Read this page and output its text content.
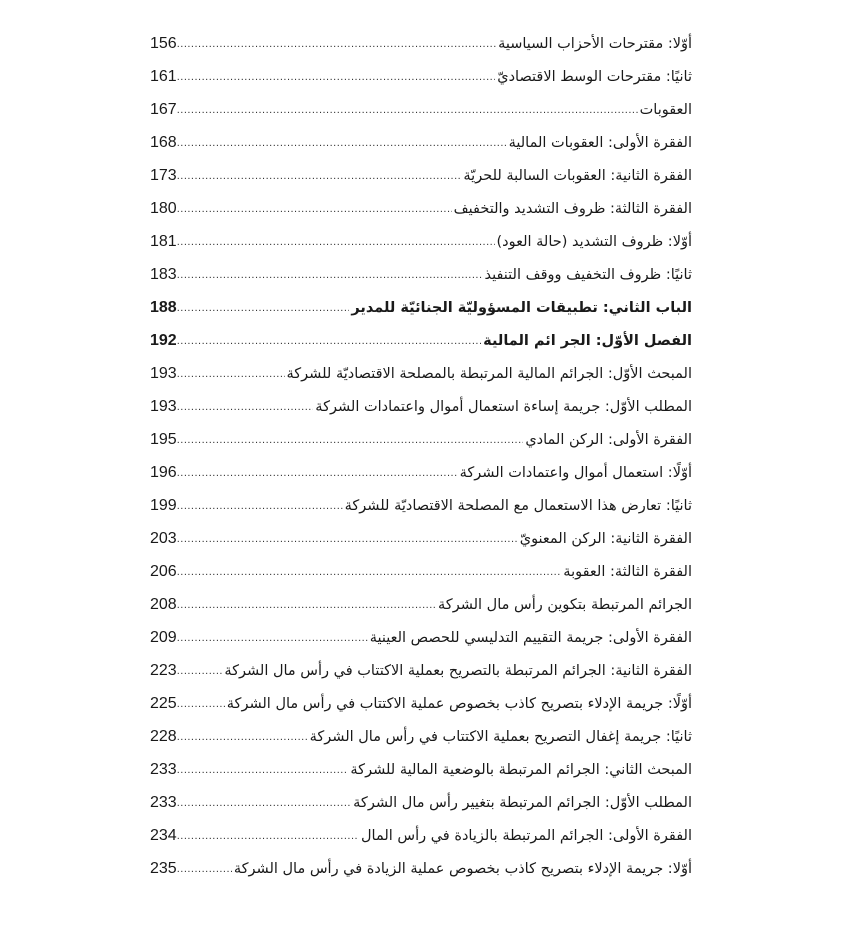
156 .....	أوّلا: مقترحات الأحزاب السياسية
161 .....	ثانيًا: مقترحات الوسط الاقتصاديّ
167 .....	العقوبات
168 .....	الفقرة الأولى: العقوبات المالية
173 .....	الفقرة الثانية: العقوبات السالبة للحريّة
180 .....	الفقرة الثالثة: ظروف التشديد والتخفيف
181 .....	أوّلا: ظروف التشديد (حالة العود)
183 .....	ثانيًا: ظروف التخفيف ووقف التنفيذ
188 .....	الباب الثاني: تطبيقات المسؤوليّة الجنائيّة للمدير
192 .....	الفصل الأوّل: الجر ائم المالية
193 .....	المبحث الأوّل: الجرائم المالية المرتبطة بالمصلحة الاقتصاديّة للشركة
193 .....	المطلب الأوّل: جريمة إساءة استعمال أموال واعتمادات الشركة
195 .....	الفقرة الأولى: الركن المادي
196 .....	أوّلًا: استعمال أموال واعتمادات الشركة
199 .....	ثانيًا: تعارض هذا الاستعمال مع المصلحة الاقتصاديّة للشركة
203 .....	الفقرة الثانية: الركن المعنويّ
206 .....	الفقرة الثالثة: العقوبة
208 .....	الجرائم المرتبطة بتكوين رأس مال الشركة
209 .....	الفقرة الأولى: جريمة التقييم التدليسي للحصص العينية
223 .....	الفقرة الثانية: الجرائم المرتبطة بالتصريح بعملية الاكتتاب في رأس مال الشركة
225 .....	أوّلًا: جريمة الإدلاء بتصريح كاذب بخصوص عملية الاكتتاب في رأس مال الشركة
228 .....	ثانيًا: جريمة إغفال التصريح بعملية الاكتتاب في رأس مال الشركة
233 .....	المبحث الثاني: الجرائم المرتبطة بالوضعية المالية للشركة
233 .....	المطلب الأوّل: الجرائم المرتبطة بتغيير رأس مال الشركة
234 .....	الفقرة الأولى: الجرائم المرتبطة بالزيادة في رأس المال
235 .....	أوّلا: جريمة الإدلاء بتصريح كاذب بخصوص عملية الزيادة في رأس مال الشركة
